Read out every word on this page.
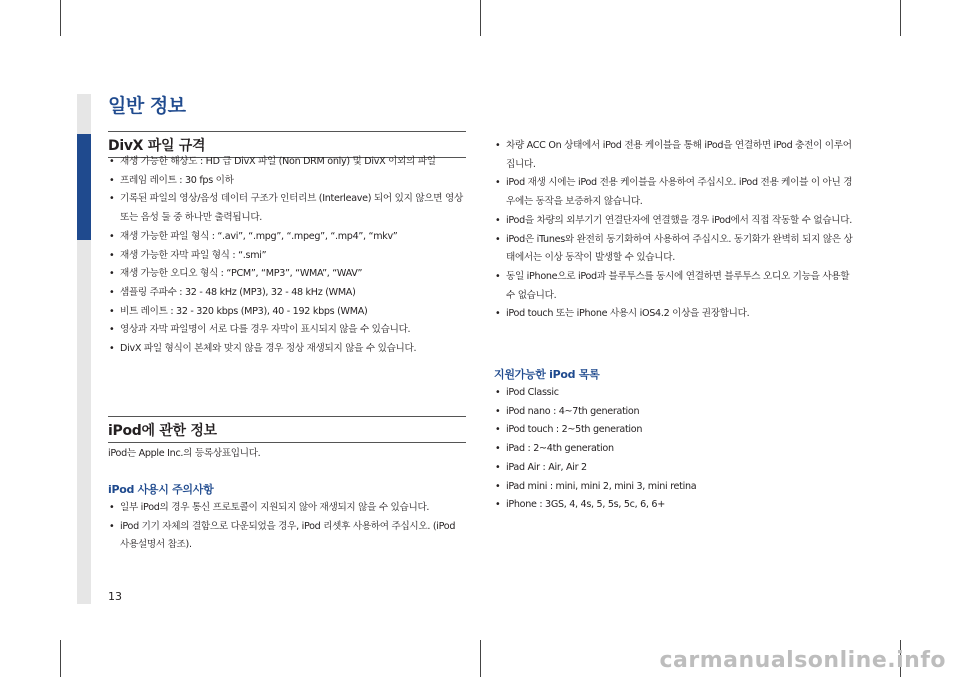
일반 정보
DivX 파일 규격
• 재생 가능한 해상도 : HD 급 DivX 파일 (Non DRM only) 및 DivX 이외의 파일
• 프레임 레이트 : 30 fps 이하
• 기록된 파일의 영상/음성 데이터 구조가 인터리브 (Interleave) 되어 있지 않으면 영상 또는 음성 둘 중 하나만 출력됩니다.
• 재생 가능한 파일 형식 : “.avi”, “.mpg”, “.mpeg”, “.mp4”, “mkv”
• 재생 가능한 자막 파일 형식 : “.smi”
• 재생 가능한 오디오 형식 : “PCM”, “MP3”, “WMA”, “WAV”
• 샘플링 주파수 : 32 - 48 kHz (MP3), 32 - 48 kHz (WMA)
• 비트 레이트 : 32 - 320 kbps (MP3), 40 - 192 kbps (WMA)
• 영상과 자막 파일명이 서로 다를 경우 자막이 표시되지 않을 수 있습니다.
• DivX 파일 형식이 본체와 맞지 않을 경우 정상 재생되지 않을 수 있습니다.
iPod에 관한 정보

iPod는 Apple Inc.의 등록상표입니다.

iPod 사용시 주의사항
• 일부 iPod의 경우 통신 프로토콜이 지원되지 않아 재생되지 않을 수 있습니다.
• iPod 기기 자체의 결함으로 다운되었을 경우, iPod 리셋후 사용하여 주십시오. (iPod 사용설명서 참조).
• 차량 ACC On 상태에서 iPod 전용 케이블을 통해 iPod을 연결하면 iPod 충전이 이루어집니다.
• iPod 재생 시에는 iPod 전용 케이블을 사용하여 주십시오. iPod 전용 케이블 이 아닌 경우에는 동작을 보증하지 않습니다.
• iPod을 차량의 외부기기 연결단자에 연결했을 경우 iPod에서 직접 작동할 수 없습니다.
• iPod은 iTunes와 완전히 동기화하여 사용하여 주십시오. 동기화가 완벽히 되지 않은 상태에서는 이상 동작이 발생할 수 있습니다.
• 동일 iPhone으로 iPod과 블루투스를 동시에 연결하면 블루투스 오디오 기능을 사용할 수 없습니다.
• iPod touch 또는 iPhone 사용시 iOS4.2 이상을 권장합니다.
지원가능한 iPod 목록
• iPod Classic
• iPod nano : 4~7th generation
• iPod touch : 2~5th generation
• iPad : 2~4th generation
• iPad Air : Air, Air 2
• iPad mini : mini, mini 2, mini 3, mini retina
• iPhone : 3GS, 4, 4s, 5, 5s, 5c, 6, 6+
13
carmanualsonline.info
